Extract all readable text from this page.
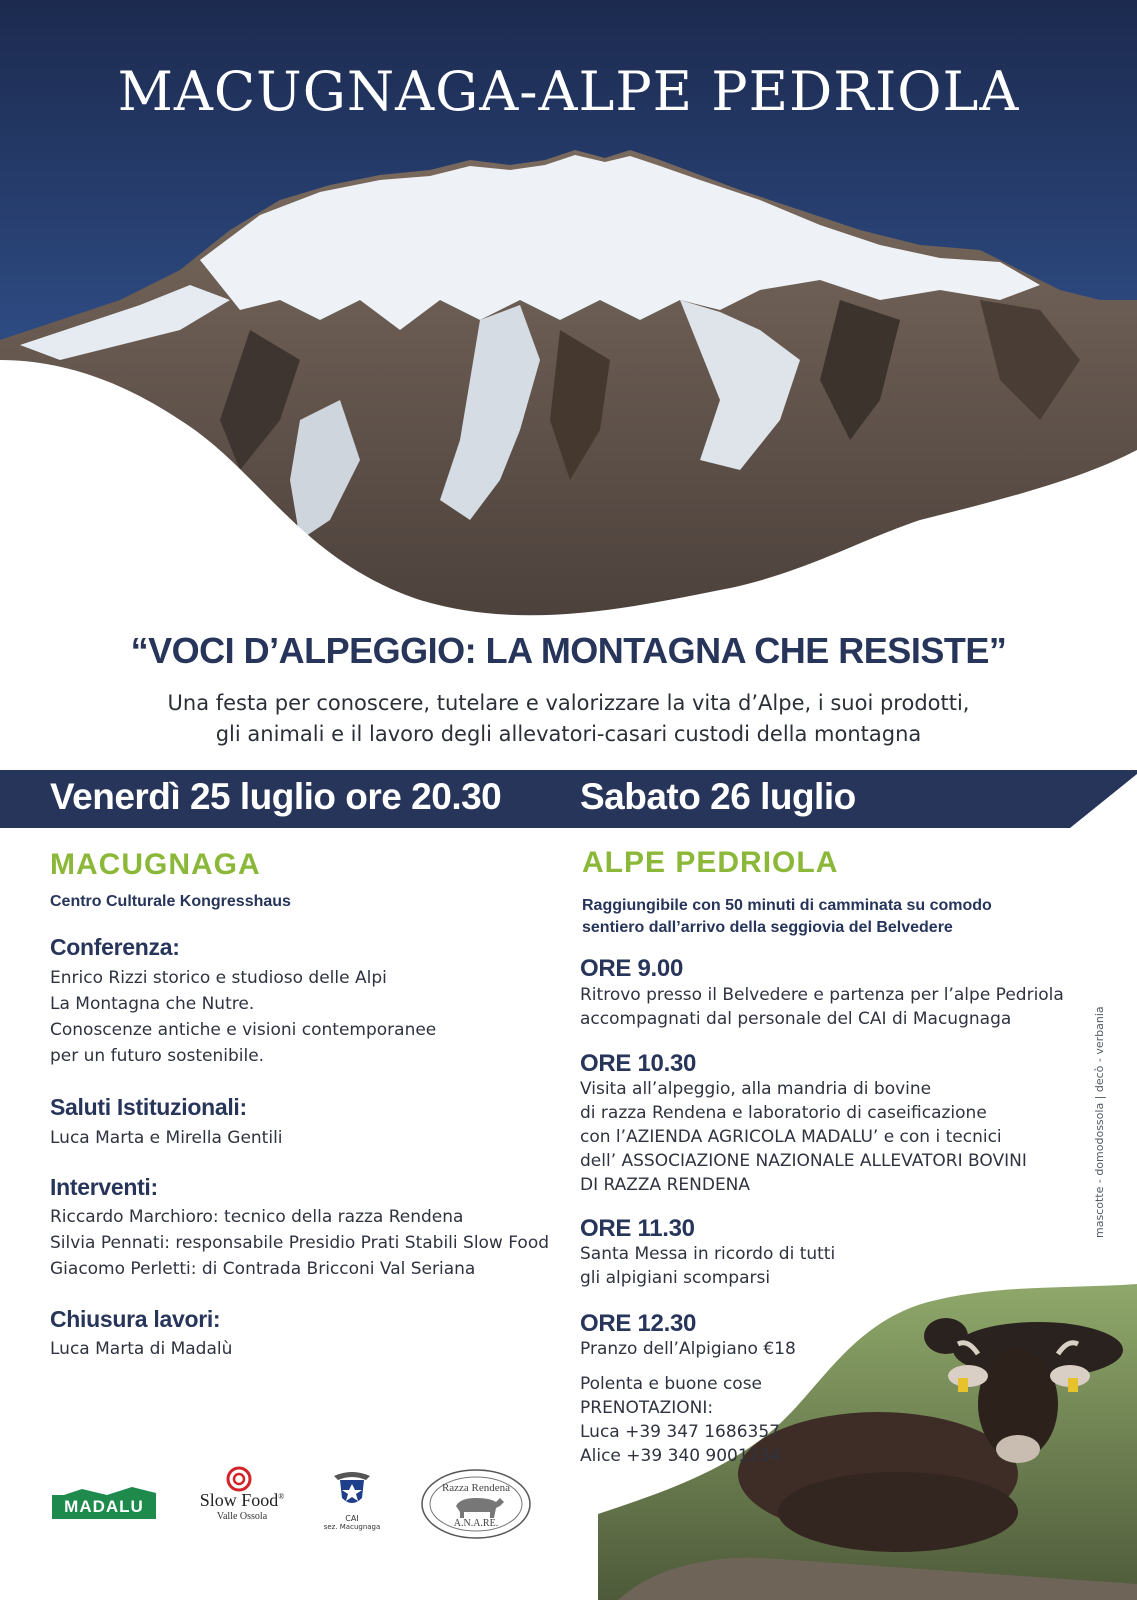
MACUGNAGA-ALPE PEDRIOLA
“VOCI D’ALPEGGIO: LA MONTAGNA CHE RESISTE”
Una festa per conoscere, tutelare e valorizzare la vita d’Alpe, i suoi prodotti,
gli animali e il lavoro degli allevatori-casari custodi della montagna
Venerdì 25 luglio ore 20.30 Sabato 26 luglio
MACUGNAGA
Centro Culturale Kongresshaus
Conferenza:
Enrico Rizzi storico e studioso delle Alpi
La Montagna che Nutre.
Conoscenze antiche e visioni contemporanee
per un futuro sostenibile.
Saluti Istituzionali:
Luca Marta e Mirella Gentili
Interventi:
Riccardo Marchioro: tecnico della razza Rendena
Silvia Pennati: responsabile Presidio Prati Stabili Slow Food
Giacomo Perletti: di Contrada Bricconi Val Seriana
Chiusura lavori:
Luca Marta di Madalù
ALPE PEDRIOLA
Raggiungibile con 50 minuti di camminata su comodo
sentiero dall’arrivo della seggiovia del Belvedere
ORE 9.00
Ritrovo presso il Belvedere e partenza per l’alpe Pedriola
accompagnati dal personale del CAI di Macugnaga
ORE 10.30
Visita all’alpeggio, alla mandria di bovine
di razza Rendena e laboratorio di caseificazione
con l’AZIENDA AGRICOLA MADALU’ e con i tecnici
dell’ ASSOCIAZIONE NAZIONALE ALLEVATORI BOVINI
DI RAZZA RENDENA
ORE 11.30
Santa Messa in ricordo di tutti
gli alpigiani scomparsi
ORE 12.30
Pranzo dell’Alpigiano €18
Polenta e buone cose
PRENOTAZIONI:
Luca +39 347 1686357
Alice +39 340 9001234
mascotte - domodossola | decò - verbania
MADALU	Slow Food®
Valle Ossola	CAI
sez. Macugnaga
Razza Rendena
A.N.A.RE.
